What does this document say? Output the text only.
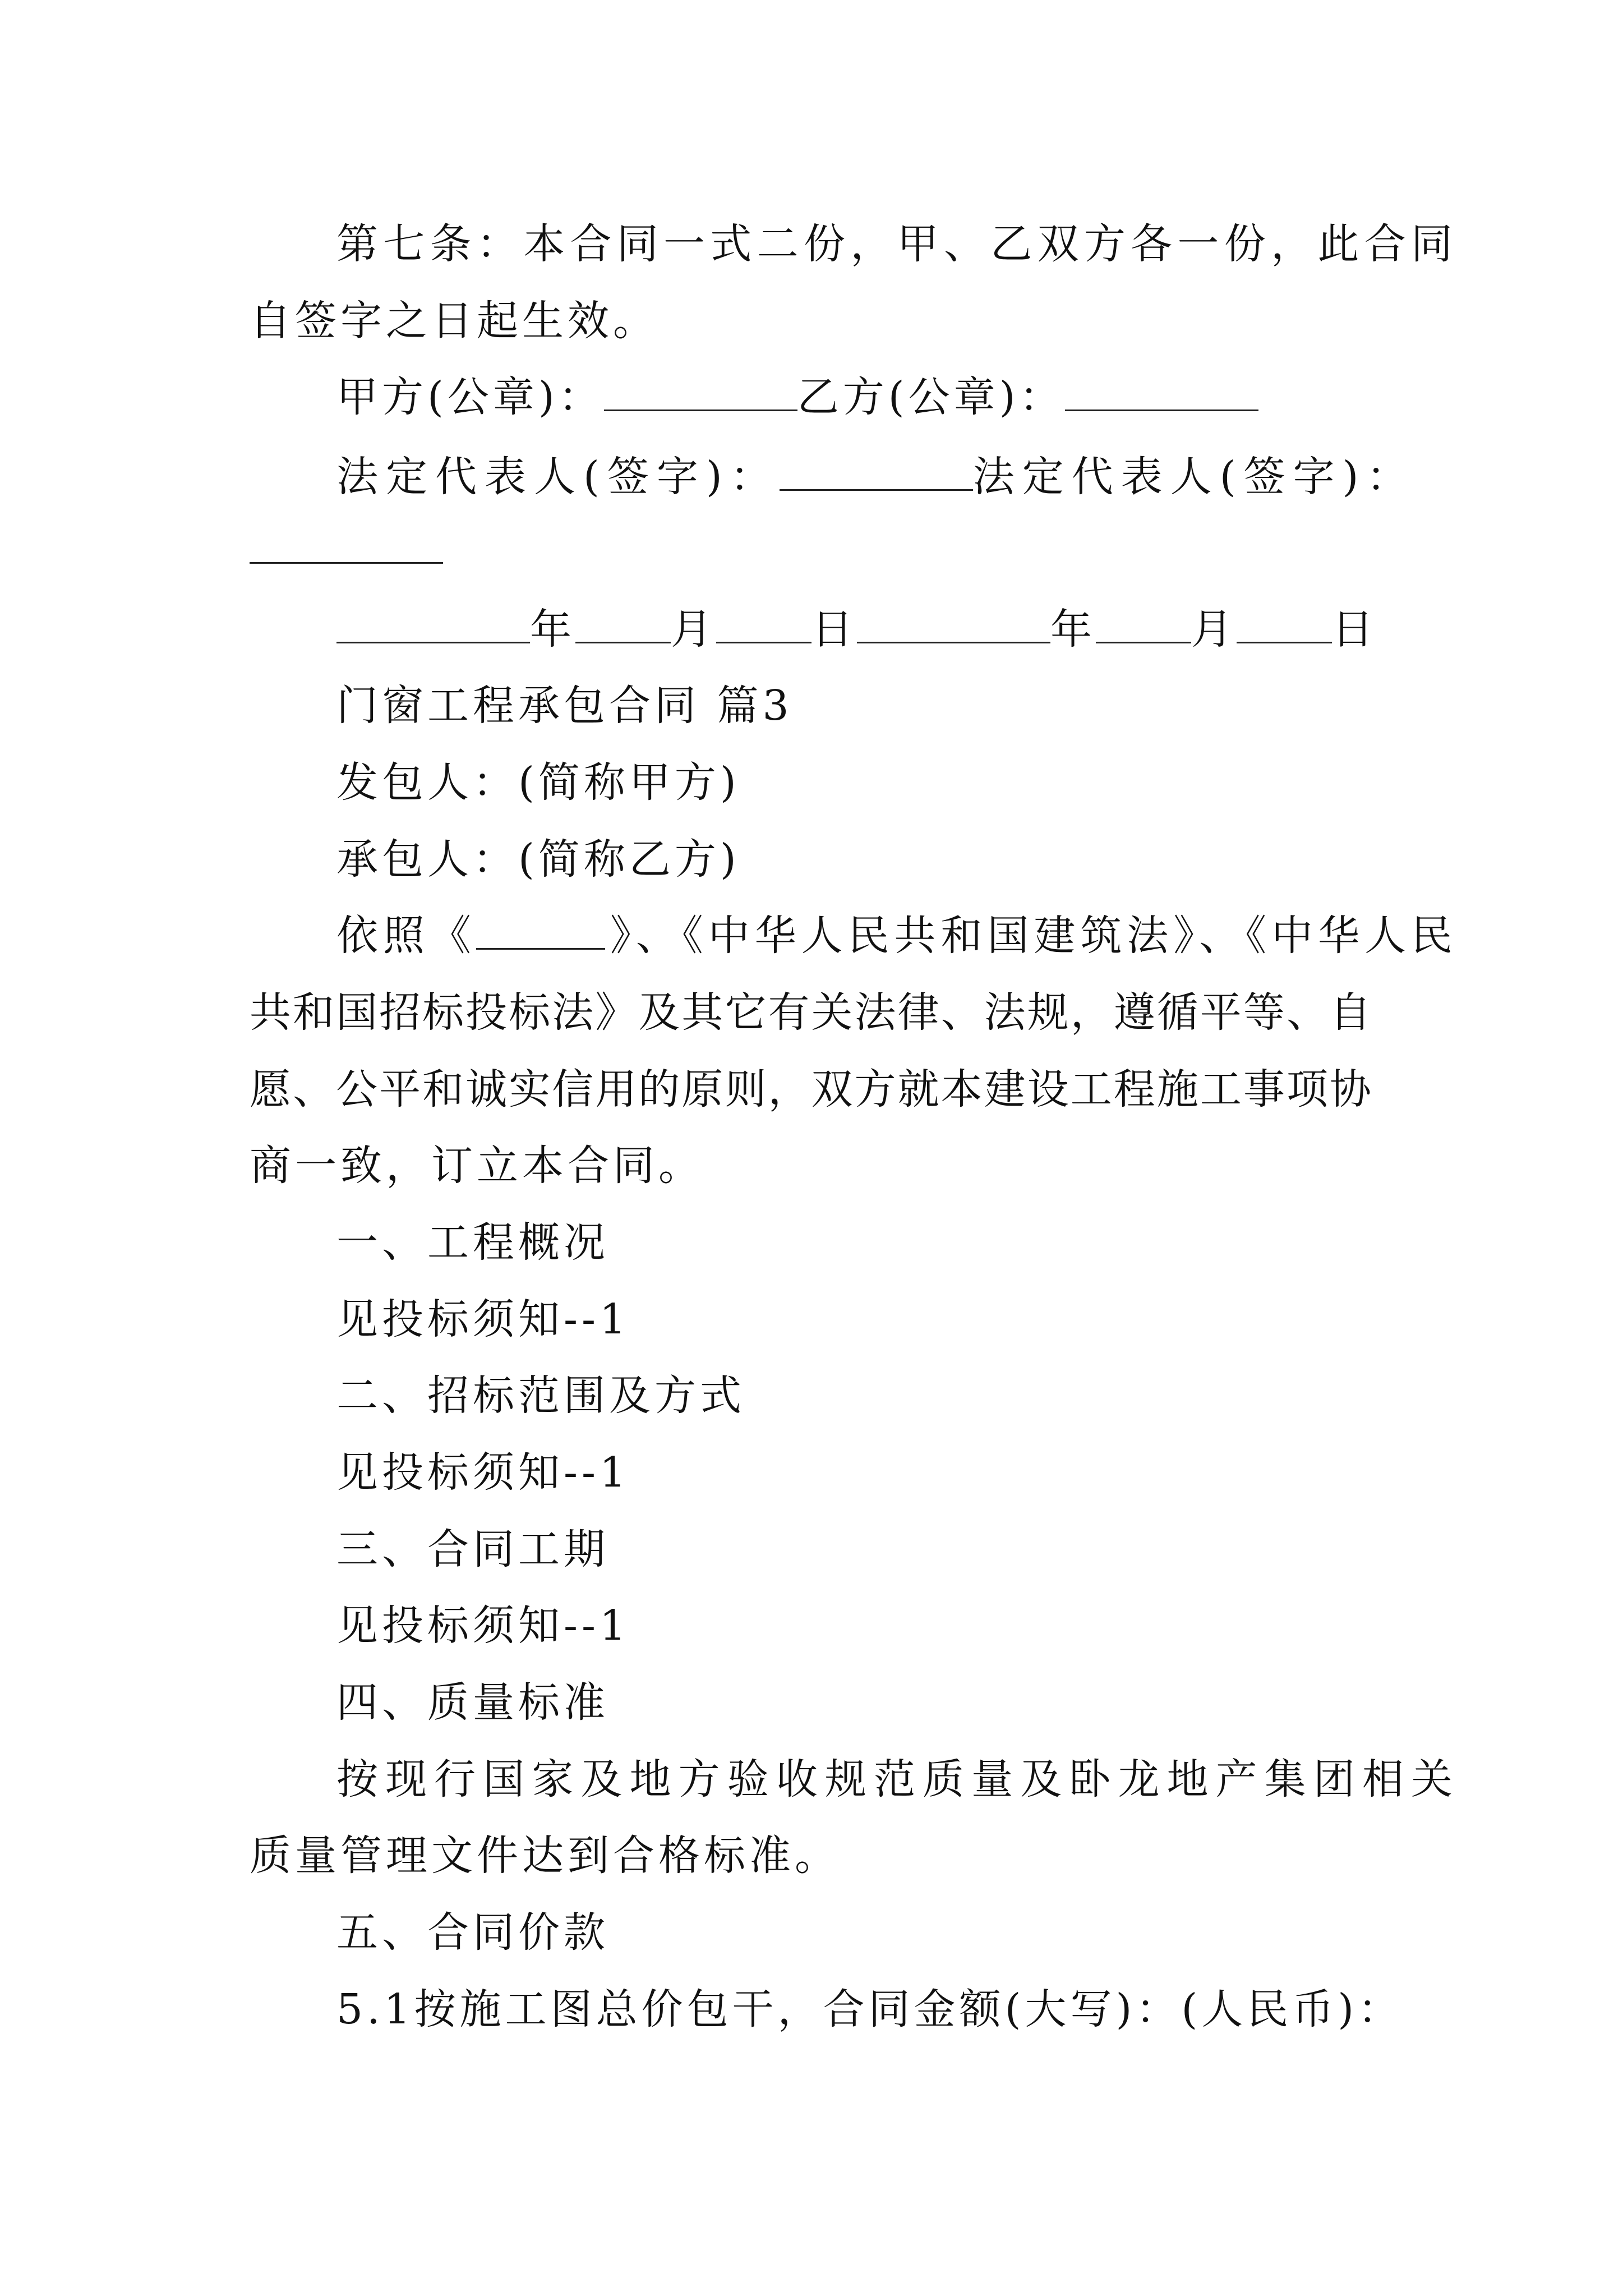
第七条：本合同一式二份，甲、乙双方各一份，此合同
自签字之日起生效。
甲方(公章)：	乙方(公章)：
法定代表人(签字)：	法定代表人(签字)：
年 月 日	年 月 日
门窗工程承包合同 篇3
发包人：(简称甲方)
承包人：(简称乙方)
依照《	》、《中华人民共和国建筑法》、《中华人民
共和国招标投标法》及其它有关法律、法规，遵循平等、自
愿、公平和诚实信用的原则，双方就本建设工程施工事项协
商一致，订立本合同。
一、工程概况
见投标须知--1
二、招标范围及方式
见投标须知--1
三、合同工期
见投标须知--1
四、质量标准
按现行国家及地方验收规范质量及卧龙地产集团相关
质量管理文件达到合格标准。
五、合同价款
5.1按施工图总价包干，合同金额(大写)：(人民币)：
